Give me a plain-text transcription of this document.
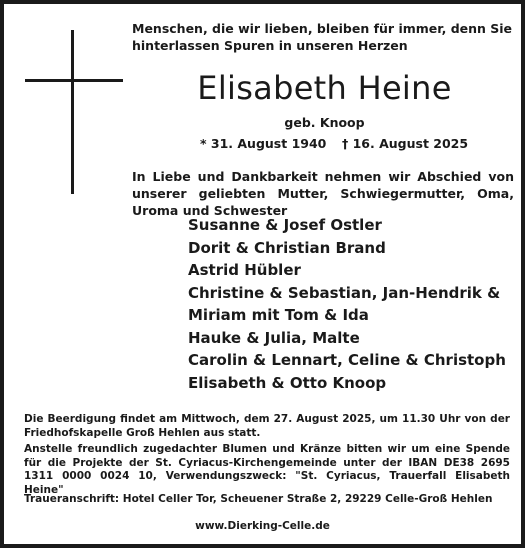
Menschen, die wir lieben, bleiben für immer, denn Sie hinterlassen Spuren in unseren Herzen
Elisabeth Heine
geb. Knoop
* 31. August 1940 † 16. August 2025
In Liebe und Dankbarkeit nehmen wir Abschied von unserer geliebten Mutter, Schwiegermutter, Oma, Uroma und Schwester
Susanne & Josef Ostler
Dorit & Christian Brand
Astrid Hübler
Christine & Sebastian, Jan-Hendrik & Miriam mit Tom & Ida
Hauke & Julia, Malte
Carolin & Lennart, Celine & Christoph
Elisabeth & Otto Knoop
Die Beerdigung findet am Mittwoch, dem 27. August 2025, um 11.30 Uhr von der Friedhofskapelle Groß Hehlen aus statt.
Anstelle freundlich zugedachter Blumen und Kränze bitten wir um eine Spende für die Projekte der St. Cyriacus-Kirchengemeinde unter der IBAN DE38 2695 1311 0000 0024 10, Verwendungszweck: "St. Cyriacus, Trauerfall Elisabeth Heine"
Traueranschrift: Hotel Celler Tor, Scheuener Straße 2, 29229 Celle-Groß Hehlen
www.Dierking-Celle.de
